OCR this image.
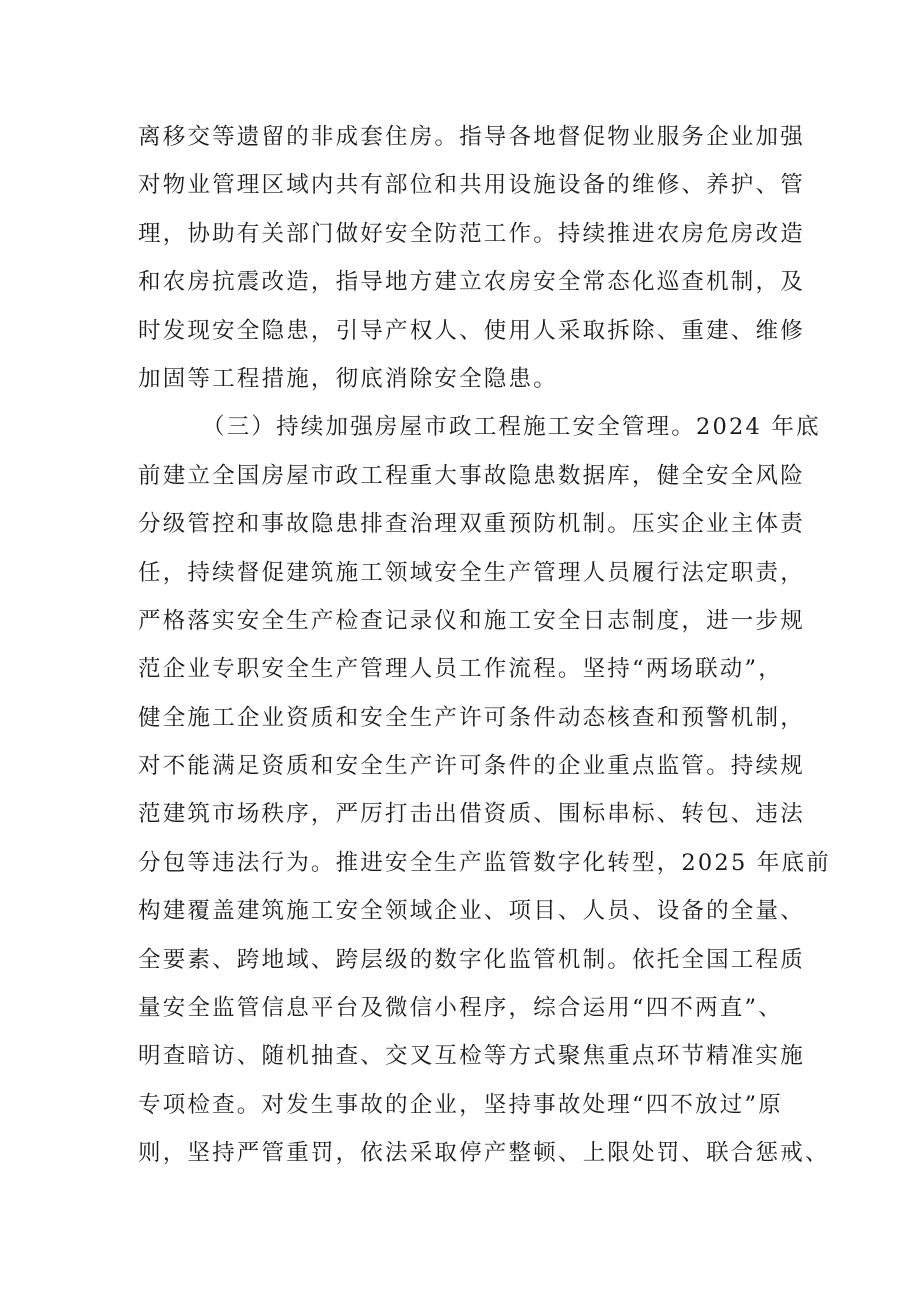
离移交等遗留的非成套住房。指导各地督促物业服务企业加强
对物业管理区域内共有部位和共用设施设备的维修、养护、管
理，协助有关部门做好安全防范工作。持续推进农房危房改造
和农房抗震改造，指导地方建立农房安全常态化巡查机制，及
时发现安全隐患，引导产权人、使用人采取拆除、重建、维修
加固等工程措施，彻底消除安全隐患。
（三）持续加强房屋市政工程施工安全管理。2024 年底
前建立全国房屋市政工程重大事故隐患数据库，健全安全风险
分级管控和事故隐患排查治理双重预防机制。压实企业主体责
任，持续督促建筑施工领域安全生产管理人员履行法定职责，
严格落实安全生产检查记录仪和施工安全日志制度，进一步规
范企业专职安全生产管理人员工作流程。坚持“两场联动”，
健全施工企业资质和安全生产许可条件动态核查和预警机制，
对不能满足资质和安全生产许可条件的企业重点监管。持续规
范建筑市场秩序，严厉打击出借资质、围标串标、转包、违法
分包等违法行为。推进安全生产监管数字化转型，2025 年底前
构建覆盖建筑施工安全领域企业、项目、人员、设备的全量、
全要素、跨地域、跨层级的数字化监管机制。依托全国工程质
量安全监管信息平台及微信小程序，综合运用“四不两直”、
明查暗访、随机抽查、交叉互检等方式聚焦重点环节精准实施
专项检查。对发生事故的企业，坚持事故处理“四不放过”原
则，坚持严管重罚，依法采取停产整顿、上限处罚、联合惩戒、
